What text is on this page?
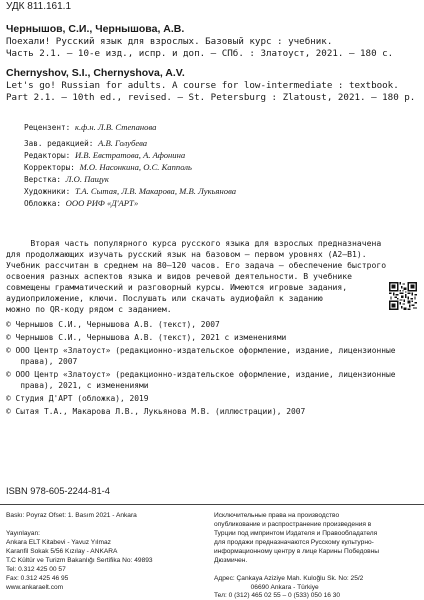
УДК 811.161.1
Чернышов, С.И., Чернышова, А.В.
Поехали! Русский язык для взрослых. Базовый курс : учебник.
Часть 2.1. — 10-е изд., испр. и доп. — СПб. : Златоуст, 2021. — 180 с.
Chernyshov, S.I., Chernyshova, A.V.
Let's go! Russian for adults. A course for low-intermediate : textbook.
Part 2.1. — 10th ed., revised. — St. Petersburg : Zlatoust, 2021. — 180 p.
Рецензент: к.ф.н. Л.В. Степанова
Зав. редакцией: А.В. Голубева
Редакторы: И.В. Евстратова, А. Афонина
Корректоры: М.О. Насонкина, О.С. Капполь
Верстка: Л.О. Пащук
Художники: Т.А. Сытая, Л.В. Макарова, М.В. Лукьянова
Обложка: ООО РИФ «Д'АРТ»
Вторая часть популярного курса русского языка для взрослых предназначена
для продолжающих изучать русский язык на базовом — первом уровнях (А2–В1).
Учебник рассчитан в среднем на 80–120 часов. Его задача — обеспечение быстрого
освоения разных аспектов языка и видов речевой деятельности. В учебнике
совмещены грамматический и разговорный курсы. Имеются игровые задания,
аудиоприложение, ключи. Послушать или скачать аудиофайл к заданию
можно по QR-коду рядом с заданием.
© Чернышов С.И., Чернышова А.В. (текст), 2007
© Чернышов С.И., Чернышова А.В. (текст), 2021 с изменениями
© ООО Центр «Златоуст» (редакционно-издательское оформление, издание, лицензионные
права), 2007
© ООО Центр «Златоуст» (редакционно-издательское оформление, издание, лицензионные
права), 2021, с изменениями
© Студия Д'АРТ (обложка), 2019
© Сытая Т.А., Макарова Л.В., Лукьянова М.В. (иллюстрации), 2007
ISBN 978-605-2244-81-4
Baskı: Poyraz Ofset: 1. Basım 2021 - Ankara
Yayınlayan:
Ankara ELT Kitabevi - Yavuz Yılmaz
Karanfil Sokak 5/56 Kızılay - ANKARA
T.C Kültür ve Turizm Bakanlığı Sertifika No: 49893
Tel: 0.312 425 00 57
Fax: 0.312 425 46 95
www.ankaraelt.com
Исключительные права на производство
опубликование и распространение произведения в
Турции под импринтом Издателя и Правообладателя
для продажи предназначаются Русскому культурно-
информационному центру в лице Карины Победовны
Дюзмичен.
Адрес: Çankaya Aziziye Mah. Kuloğlu Sk. No: 25/2
06690 Ankara - Türkiye
Тел: 0 (312) 465 02 55 – 0 (533) 050 16 30
